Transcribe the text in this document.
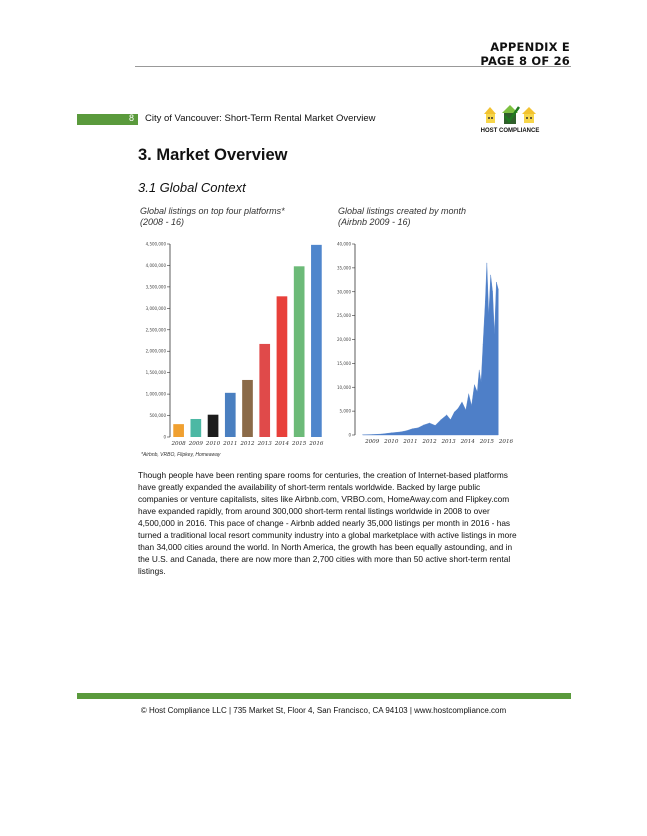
APPENDIX E
PAGE 8 OF 26
8 City of Vancouver: Short-Term Rental Market Overview
HOST COMPLIANCE
3. Market Overview
3.1 Global Context
Global listings on top four platforms*
(2008 - 16)
Global listings created by month
(Airbnb 2009 - 16)
0
500,000
1,000,000
1,500,000
2,000,000
2,500,000
3,000,000
3,500,000
4,000,000
4,500,000
2008 2009 2010 2011 2012 2013 2014 2015 2016
0
5,000
10,000
15,000
20,000
25,000
30,000
35,000
40,000
2009 2010 2011 2012 2013 2014 2015 2016
*Airbnb, VRBO, Flipkey, Homeaway
Though people have been renting spare rooms for centuries, the creation of Internet-based platforms have greatly expanded the availability of short-term rentals worldwide. Backed by large public companies or venture capitalists, sites like Airbnb.com, VRBO.com, HomeAway.com and Flipkey.com have expanded rapidly, from around 300,000 short-term rental listings worldwide in 2008 to over 4,500,000 in 2016. This pace of change - Airbnb added nearly 35,000 listings per month in 2016 - has turned a traditional local resort community industry into a global marketplace with active listings in more than 34,000 cities around the world. In North America, the growth has been equally astounding, and in the U.S. and Canada, there are now more than 2,700 cities with more than 50 active short-term rental listings.
© Host Compliance LLC | 735 Market St, Floor 4, San Francisco, CA 94103 | www.hostcompliance.com
